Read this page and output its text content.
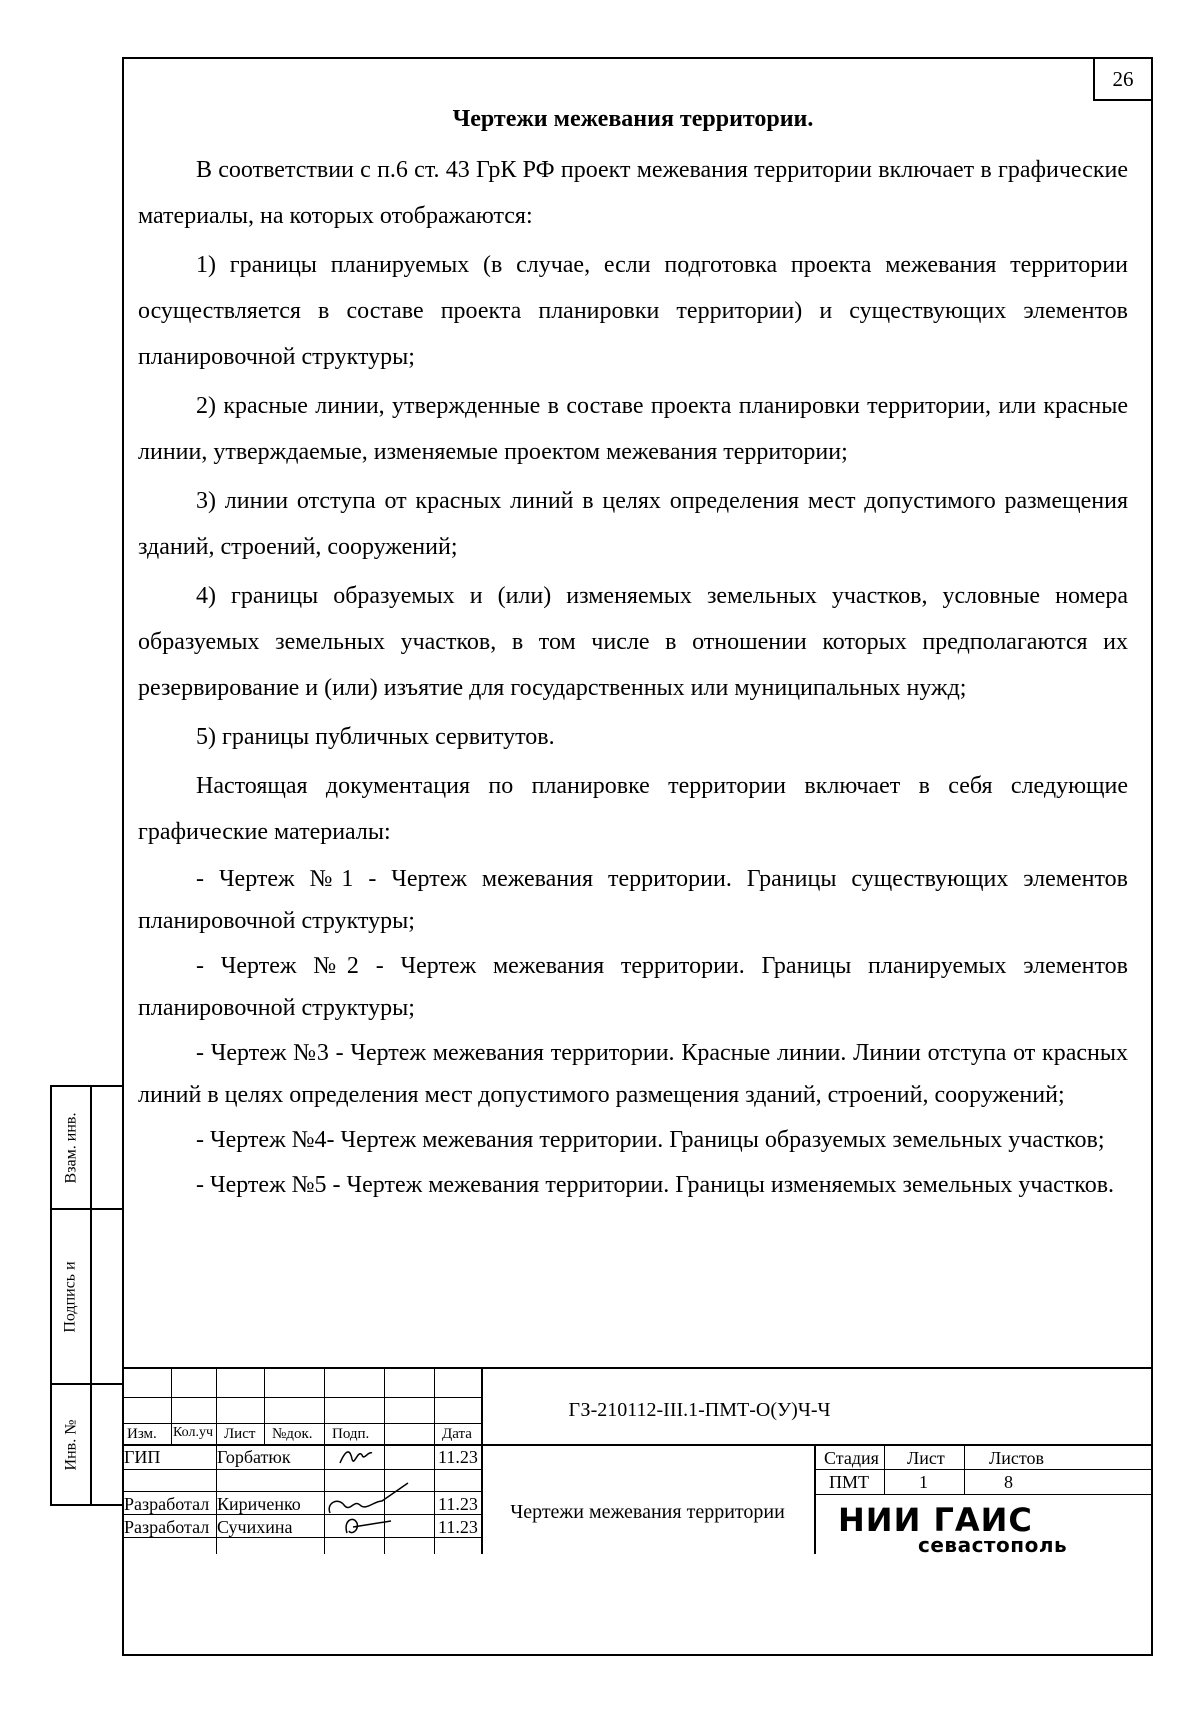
Взам. инв.
Подпись и
Инв. №
26
Чертежи межевания территории.

В соответствии с п.6 ст. 43 ГрК РФ проект межевания территории включает в графические материалы, на которых отображаются:

1) границы планируемых (в случае, если подготовка проекта межевания территории осуществляется в составе проекта планировки территории) и существующих элементов планировочной структуры;

2) красные линии, утвержденные в составе проекта планировки территории, или красные линии, утверждаемые, изменяемые проектом межевания территории;

3) линии отступа от красных линий в целях определения мест допустимого размещения зданий, строений, сооружений;

4) границы образуемых и (или) изменяемых земельных участков, условные номера образуемых земельных участков, в том числе в отношении которых предполагаются их резервирование и (или) изъятие для государственных или муниципальных нужд;

5) границы публичных сервитутов.

Настоящая документация по планировке территории включает в себя следующие графические материалы:

- Чертеж №1 - Чертеж межевания территории. Границы существующих элементов планировочной структуры;

- Чертеж №2 - Чертеж межевания территории. Границы планируемых элементов планировочной структуры;

- Чертеж №3 - Чертеж межевания территории. Красные линии. Линии отступа от красных линий в целях определения мест допустимого размещения зданий, строений, сооружений;

- Чертеж №4- Чертеж межевания территории. Границы образуемых земельных участков;

- Чертеж №5 - Чертеж межевания территории. Границы изменяемых земельных участков.

Изм. Кол.уч Лист №док. Подп.	Дата
ГИП	Горбатюк	11.23
Разработал Кириченко	11.23
Разработал Сучихина	11.23
ГЗ-210112-III.1-ПМТ-О(У)Ч-Ч
Чертежи межевания территории
Стадия Лист Листов
ПМТ	1	8
НИИ ГАИС
севастополь
